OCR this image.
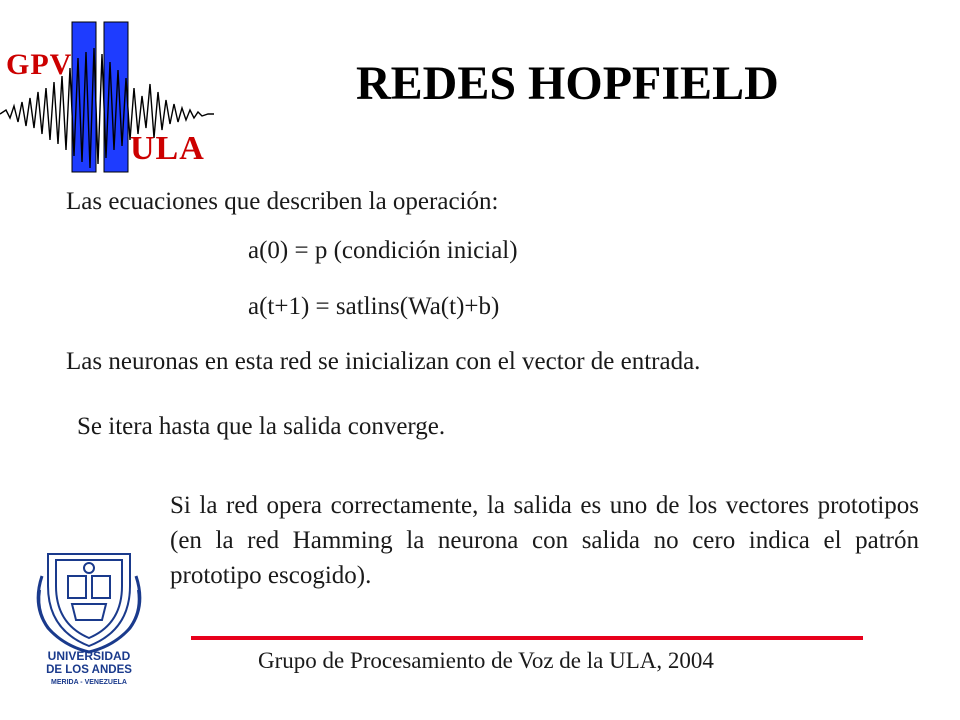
GPV
ULA
REDES HOPFIELD
Las ecuaciones que describen la operación:
a(0) = p (condición inicial)
a(t+1) = satlins(Wa(t)+b)
Las neuronas en esta red se inicializan con el vector de entrada.
Se itera hasta que la salida converge.
Si la red opera correctamente, la salida es uno de los vectores prototipos (en la red Hamming la neurona con salida no cero indica el patrón prototipo escogido).
UNIVERSIDAD
DE LOS ANDES
MERIDA - VENEZUELA
Grupo de Procesamiento de Voz de la ULA, 2004
